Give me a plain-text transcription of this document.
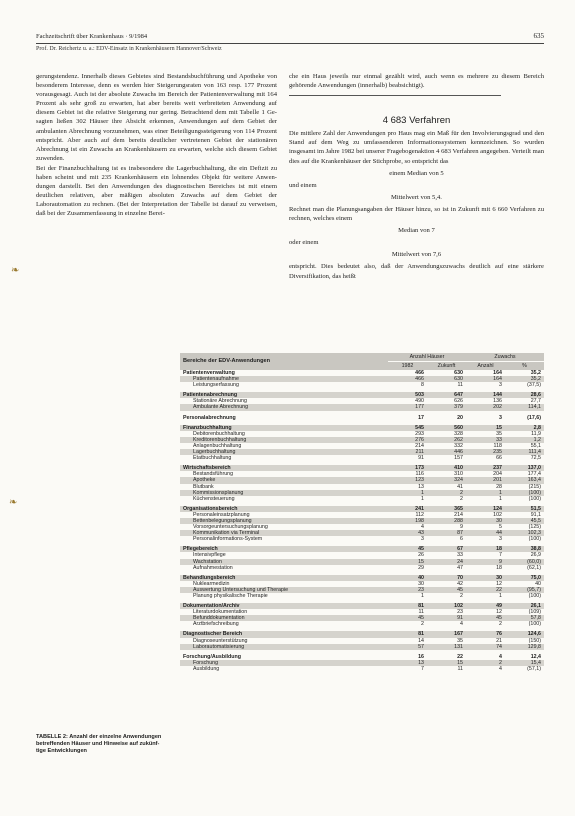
Fachzeitschrift über Krankenhaus · 9/1984	635
Prof. Dr. Reichertz u. a.: EDV-Einsatz in Krankenhäusern Hannover/Schweiz

gerungstendenz. Innerhalb dieses Gebietes sind Bestandsbuchführung und Apotheke von besonderem Interesse, denn es werden hier Steigerungsraten von 163 resp. 177 Prozent vorausgesagt. Auch ist der absolute Zuwachs im Bereich der Patientenverwaltung mit 164 Prozent als sehr groß zu erwarten, hat aber bereits weit verbreiteten Anwendung auf diesem Gebiet ist die relative Steigerung nur gering. Betrachtend dem mit Tabelle 1 Gesagten ließen 302 Häuser ihre Absicht erkennen, Anwendungen auf dem Gebiet der ambulanten Abrechnung vorzunehmen, was einer Beteiligungssteigerung von 114 Prozent entspricht. Aber auch auf dem bereits deutlicher vertretenen Gebiet der stationären Abrechnung ist ein Zuwachs an Krankenhäusern zu erwarten, welche sich diesem Gebiet zuwenden.

Bei der Finanzbuchhaltung ist es insbesondere die Lagerbuchhaltung, die ein Defizit zu haben scheint und mit 235 Krankenhäusern ein lohnendes Objekt für weitere Anwendungen darstellt. Bei den Anwendungen des diagnostischen Bereiches ist mit einem deutlichen relativen, aber mäßigen absoluten Zuwachs auf dem Gebiet der Laborautomation zu rechnen. (Bei der Interpretation der Tabelle ist darauf zu verweisen, daß bei der Zusammenfassung in einzelne Berei-

che ein Haus jeweils nur einmal gezählt wird, auch wenn es mehrere zu diesem Bereich gehörende Anwendungen (innerhalb) beabsichtigt).

4 683 Verfahren

Die mittlere Zahl der Anwendungen pro Haus mag ein Maß für den Involvierungsgrad und den Stand auf dem Weg zu umfassenderen Informationssystemen kennzeichnen. So wurden insgesamt im Jahre 1982 bei unserer Fragebogenaktion 4 683 Verfahren angegeben. Verteilt man dies auf die Krankenhäuser der Stichprobe, so entspricht das

einem Median von 5
und einem
Mittelwert von 5,4.

Rechnet man die Planungsangaben der Häuser hinzu, so ist in Zukunft mit 6 660 Verfahren zu rechnen, welches einem

Median von 7
oder einem
Mittelwert von 7,6

entspricht. Dies bedeutet also, daß der Anwendungszuwachs deutlich auf eine stärkere Diversifikation, das heißt

❧
❧
Bereiche der EDV-Anwendungen	Anzahl Häuser		Zuwachs	
	1982	Zukunft	Anzahl	%
Patientenverwaltung	466	630	164	35,2
Patientenaufnahme	466	630	164	35,2
Leistungserfassung	8	11	3	(37,5)

Patientenabrechnung	503	647	144	28,6
Stationäre Abrechnung	490	626	136	27,7
Ambulante Abrechnung	177	379	202	114,1

Personalabrechnung	17	20	3	(17,6)

Finanzbuchhaltung	545	560	15	2,8
Debitorenbuchhaltung	293	328	35	11,9
Kreditorenbuchhaltung	276	262	33	1,2
Anlagenbuchhaltung	214	332	118	55,1
Lagerbuchhaltung	211	446	235	111,4
Etatbuchhaltung	91	157	66	72,5

Wirtschaftsbereich	173	410	237	137,0
Bestandsführung	116	310	204	177,4
Apotheke	123	324	201	163,4
Blutbank	13	41	28	(215)
Kommissionsplanung	1	2	1	(100)
Küchensteuerung	1	2	1	(100)

Organisationsbereich	241	365	124	51,5
Personaleinsatzplanung	112	214	102	91,1
Bettenbelegungsplanung	198	288	30	45,5
Vorsorgeuntersuchungsplanung	4	9	5	(125)
Kommunikation via Terminal	43	87	44	102,3
Personalinformations-System	3	6	3	(100)

Pflegebereich	45	67	18	38,8
Intensivpflege	26	33	7	26,9
Wachstation	15	24	9	(60,0)
Aufnahmestation	29	47	18	(62,1)

Behandlungsbereich	40	70	30	75,0
Nuklearmedizin	30	42	12	40
Auswertung Untersuchung und Therapie	23	45	22	(95,7)
Planung physikalische Therapie	1	2	1	(100)

Dokumentation/Archiv	81	102	49	26,1
Literaturdokumentation	11	23	12	(109)
Befunddokumentation	45	91	45	57,8
Arztbriefschreibung	2	4	2	(100)

Diagnostischer Bereich	81	167	76	124,6
Diagnoseunterstützung	14	35	21	(150)
Laborautomatisierung	57	131	74	129,8

Forschung/Ausbildung	16	22	4	12,4
Forschung	13	15	2	15,4
Ausbildung	7	11	4	(57,1)
TABELLE 2: Anzahl der einzelne Anwendungen betreffenden Häuser und Hinweise auf zukünftige Entwicklungen
